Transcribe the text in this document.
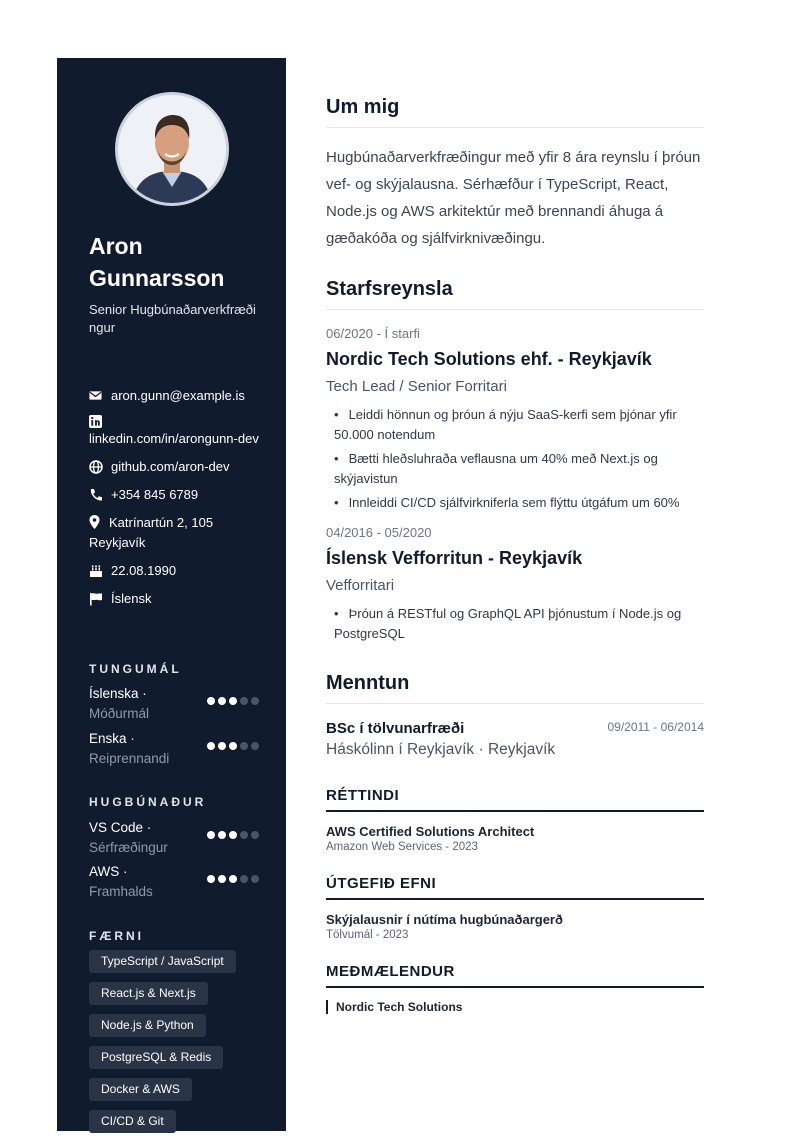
Aron Gunnarsson
Senior Hugbúnaðarverkfræðingur
aron.gunn@example.is
linkedin.com/in/arongunn-dev
github.com/aron-dev
+354 845 6789
Katrínartún 2, 105 Reykjavík
22.08.1990
Íslensk
TUNGUMÁL
Íslenska ·
Móðurmál
Enska ·
Reiprennandi
HUGBÚNAÐUR
VS Code ·
Sérfræðingur
AWS ·
Framhalds
FÆRNI
TypeScript / JavaScript
React.js & Next.js
Node.js & Python
PostgreSQL & Redis
Docker & AWS
CI/CD & Git
Um mig

Hugbúnaðarverkfræðingur með yfir 8 ára reynslu í þróun vef- og skýjalausna. Sérhæfður í TypeScript, React, Node.js og AWS arkitektúr með brennandi áhuga á gæðakóða og sjálfvirknivæðingu.

Starfsreynsla
06/2020 - Í starfi
Nordic Tech Solutions ehf. - Reykjavík
Tech Lead / Senior Forritari
• Leiddi hönnun og þróun á nýju SaaS-kerfi sem þjónar yfir 50.000 notendum
• Bætti hleðsluhraða veflausna um 40% með Next.js og skýjavistun
• Innleiddi CI/CD sjálfvirkniferla sem flýttu útgáfum um 60%
04/2016 - 05/2020
Íslensk Vefforritun - Reykjavík
Vefforritari
• Þróun á RESTful og GraphQL API þjónustum í Node.js og PostgreSQL
Menntun
BSc í tölvunarfræði	09/2011 - 06/2014
Háskólinn í Reykjavík · Reykjavík
RÉTTINDI
AWS Certified Solutions Architect
Amazon Web Services - 2023
ÚTGEFIÐ EFNI
Skýjalausnir í nútíma hugbúnaðargerð
Tölvumál - 2023
MEÐMÆLENDUR
Nordic Tech Solutions
